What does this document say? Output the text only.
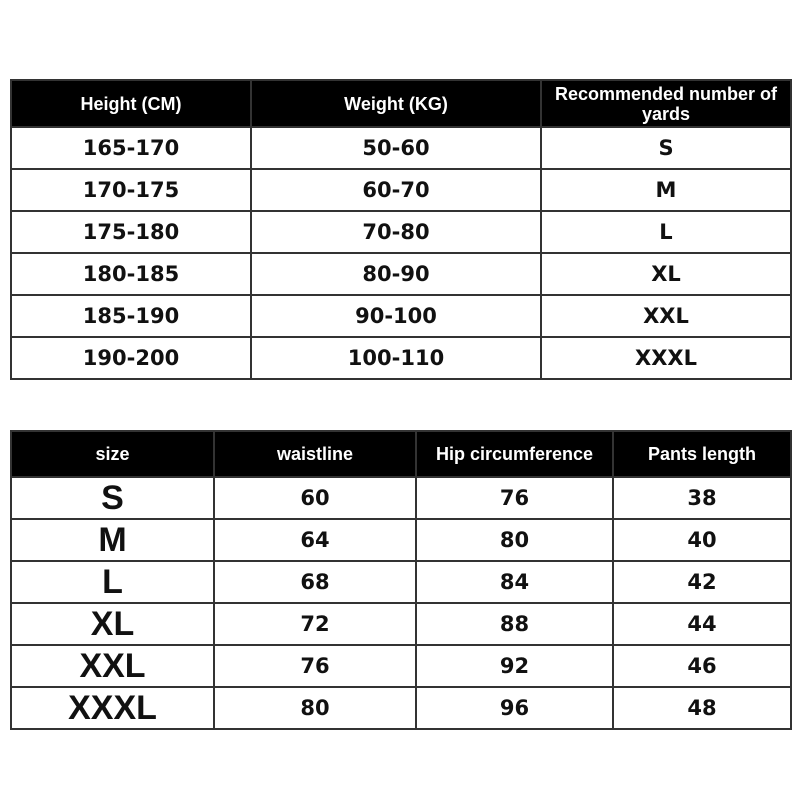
Height (CM)	Weight (KG)	Recommended number of yards
165-170	50-60	S
170-175	60-70	M
175-180	70-80	L
180-185	80-90	XL
185-190	90-100	XXL
190-200	100-110	XXXL
size	waistline	Hip circumference	Pants length
S	60	76	38
M	64	80	40
L	68	84	42
XL	72	88	44
XXL	76	92	46
XXXL	80	96	48
